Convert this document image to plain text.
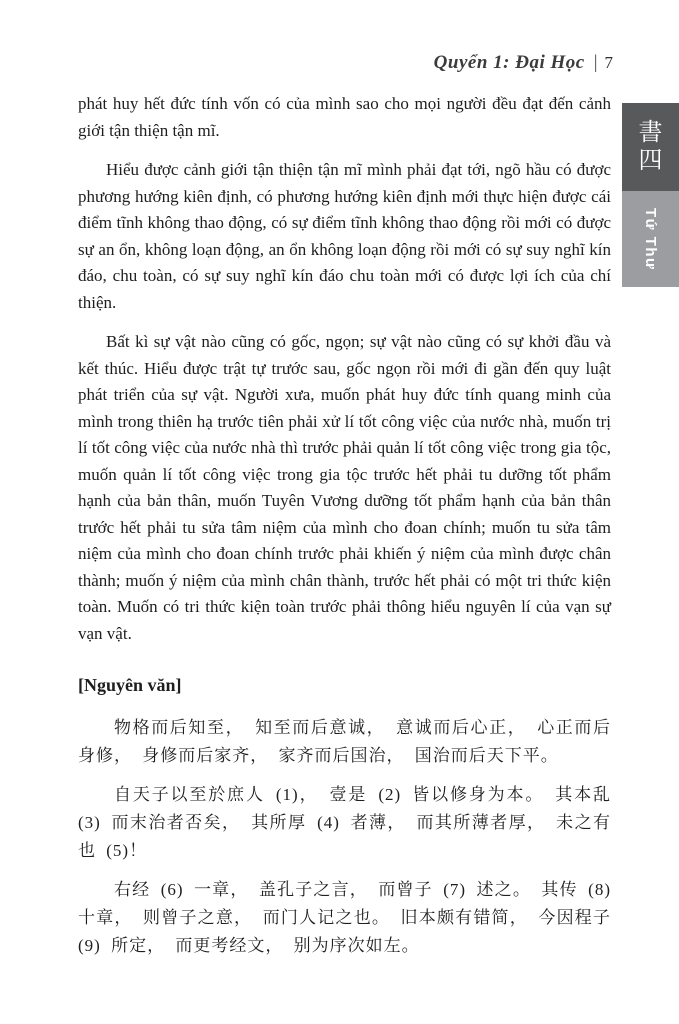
Quyển 1: Đại Học | 7
書
四
Tứ Thư

phát huy hết đức tính vốn có của mình sao cho mọi người đều đạt đến cảnh giới tận thiện tận mĩ.

Hiểu được cảnh giới tận thiện tận mĩ mình phải đạt tới, ngõ hầu có được phương hướng kiên định, có phương hướng kiên định mới thực hiện được cái điểm tĩnh không thao động, có sự điểm tĩnh không thao động rồi mới có được sự an ổn, không loạn động, an ổn không loạn động rồi mới có sự suy nghĩ kín đáo, chu toàn, có sự suy nghĩ kín đáo chu toàn mới có được lợi ích của chí thiện.

Bất kì sự vật nào cũng có gốc, ngọn; sự vật nào cũng có sự khởi đầu và kết thúc. Hiểu được trật tự trước sau, gốc ngọn rồi mới đi gần đến quy luật phát triển của sự vật. Người xưa, muốn phát huy đức tính quang minh của mình trong thiên hạ trước tiên phải xử lí tốt công việc của nước nhà, muốn trị lí tốt công việc của nước nhà thì trước phải quản lí tốt công việc trong gia tộc, muốn quản lí tốt công việc trong gia tộc trước hết phải tu dưỡng tốt phẩm hạnh của bản thân, muốn Tuyên Vương dưỡng tốt phẩm hạnh của bản thân trước hết phải tu sửa tâm niệm của mình cho đoan chính; muốn tu sửa tâm niệm của mình cho đoan chính trước phải khiến ý niệm của mình được chân thành; muốn ý niệm của mình chân thành, trước hết phải có một tri thức kiện toàn. Muốn có tri thức kiện toàn trước phải thông hiểu nguyên lí của vạn sự vạn vật.

[Nguyên văn]

物格而后知至， 知至而后意诚， 意诚而后心正， 心正而后身修， 身修而后家齐， 家齐而后国治， 国治而后天下平。

自天子以至於庶人 (1)， 壹是 (2) 皆以修身为本。 其本乱 (3) 而末治者否矣， 其所厚 (4) 者薄， 而其所薄者厚， 未之有也 (5)！

右经 (6) 一章， 盖孔子之言， 而曾子 (7) 述之。 其传 (8) 十章， 则曾子之意， 而门人记之也。 旧本颇有错简， 今因程子 (9) 所定， 而更考经文， 别为序次如左。
